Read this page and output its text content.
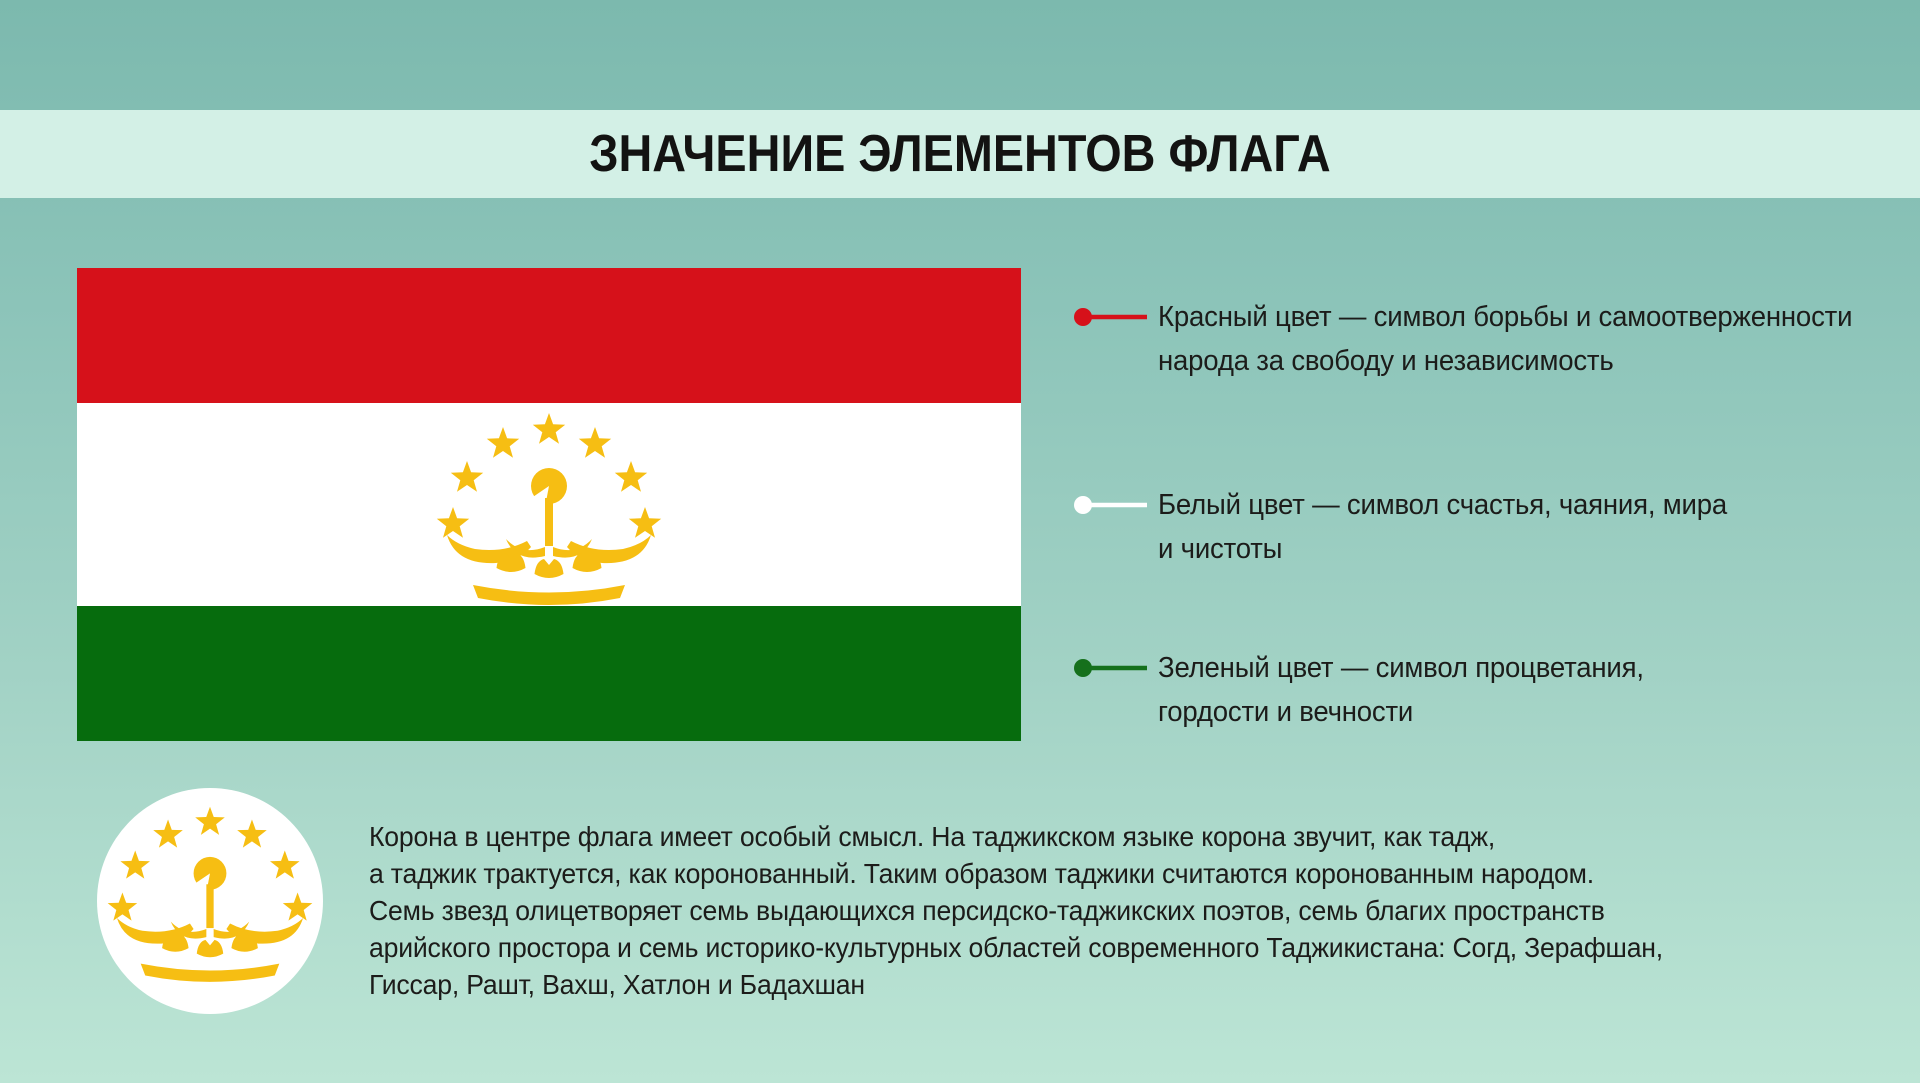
ЗНАЧЕНИЕ ЭЛЕМЕНТОВ ФЛАГА
Красный цвет — символ борьбы и самоотверженности
народа за свободу и независимость
Белый цвет — символ счастья, чаяния, мира
и чистоты
Зеленый цвет — символ процветания,
гордости и вечности
Корона в центре флага имеет особый смысл. На таджикском языке корона звучит, как тадж,
а таджик трактуется, как коронованный. Таким образом таджики считаются коронованным народом.
Семь звезд олицетворяет семь выдающихся персидско-таджикских поэтов, семь благих пространств
арийского простора и семь историко-культурных областей современного Таджикистана: Согд, Зерафшан,
Гиссар, Рашт, Вахш, Хатлон и Бадахшан
